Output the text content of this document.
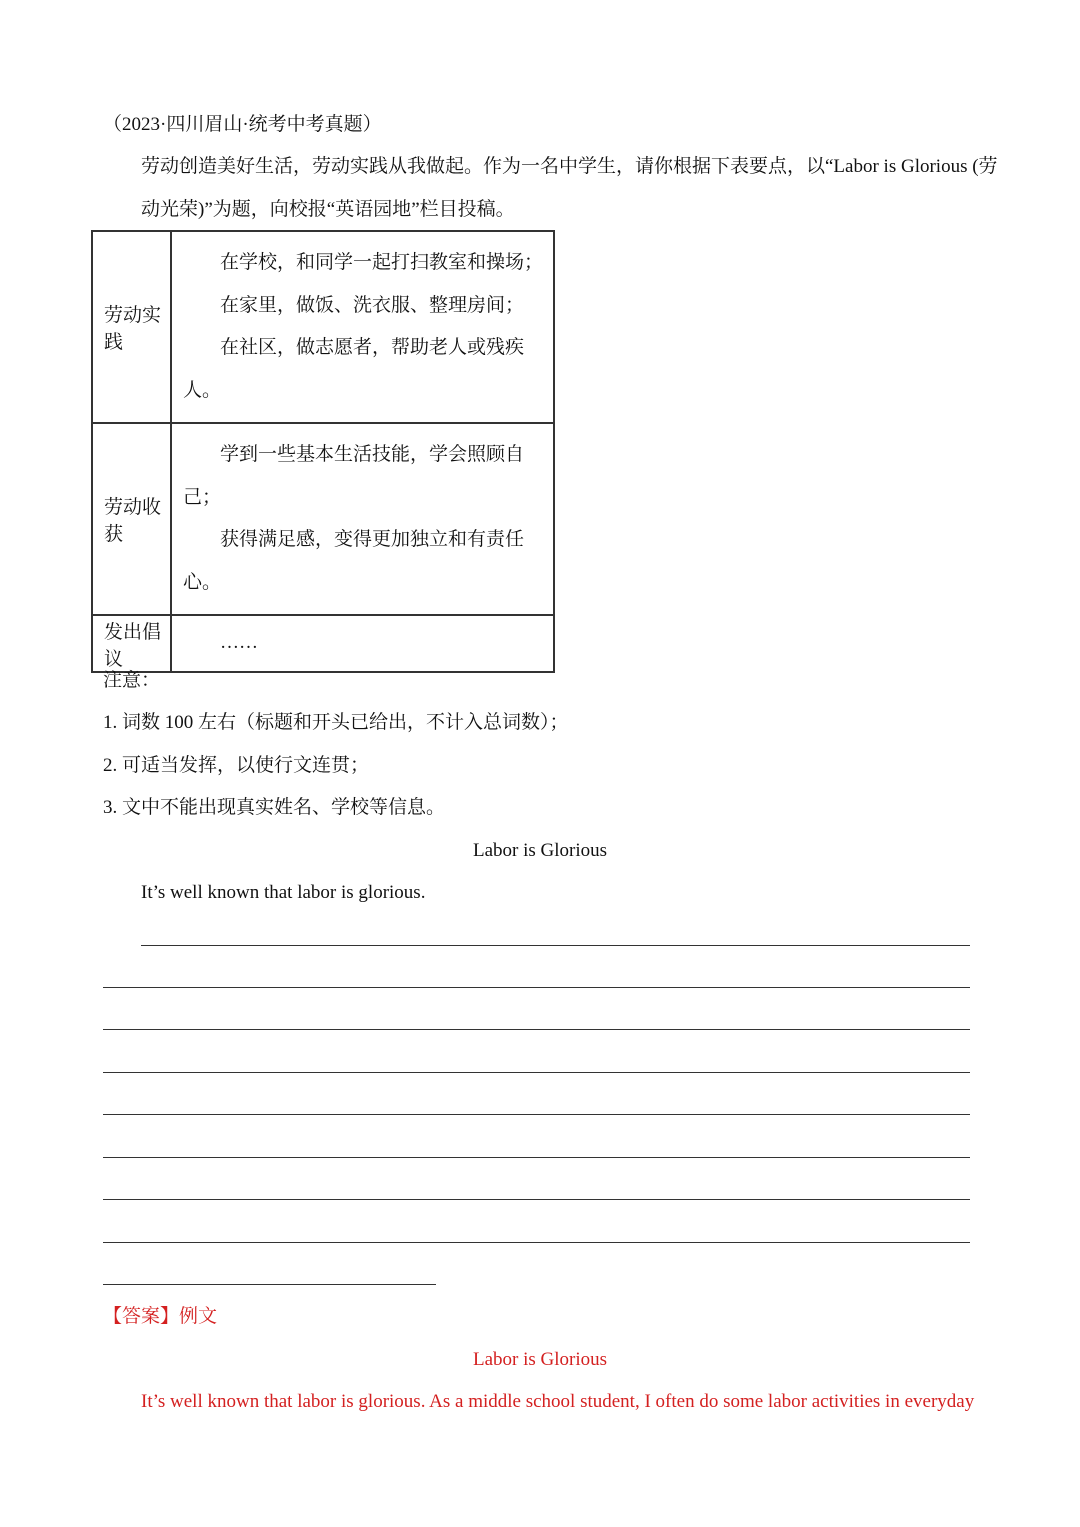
（2023·四川眉山·统考中考真题）
劳动创造美好生活，劳动实践从我做起。作为一名中学生，请你根据下表要点，以“Labor is Glorious (劳
动光荣)”为题，向校报“英语园地”栏目投稿。
劳动实践	在学校，和同学一起打扫教室和操场；
在家里，做饭、洗衣服、整理房间；
在社区，做志愿者，帮助老人或残疾
人。

劳动收获	学到一些基本生活技能，学会照顾自
己；
获得满足感，变得更加独立和有责任
心。

发出倡议	……
注意：
1. 词数 100 左右（标题和开头已给出，不计入总词数）；
2. 可适当发挥，以使行文连贯；
3. 文中不能出现真实姓名、学校等信息。
Labor is Glorious
It’s well known that labor is glorious.
【答案】例文
Labor is Glorious
It’s well known that labor is glorious. As a middle school student, I often do some labor activities in everyday
